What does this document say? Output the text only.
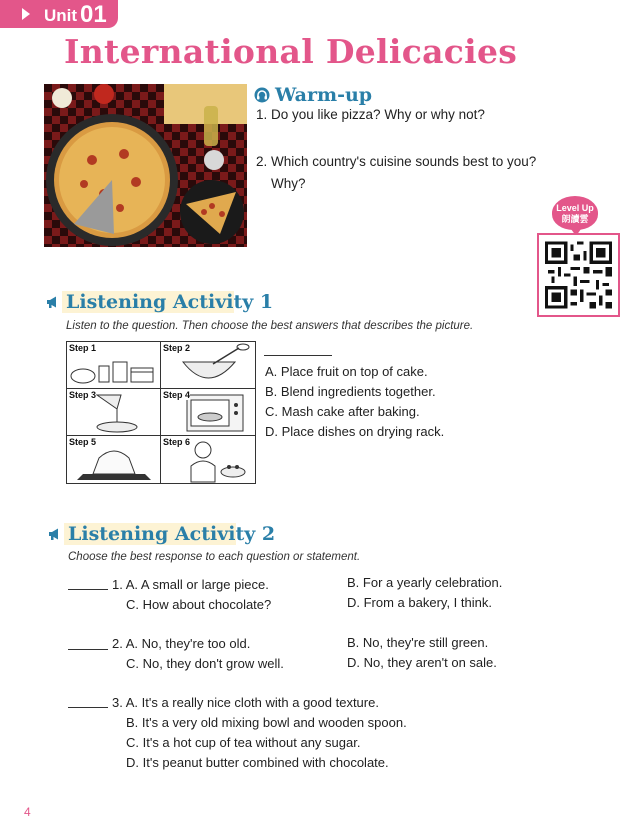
Unit 01
International Delicacies
Warm-up
1. Do you like pizza? Why or why not?
2. Which country's cuisine sounds best to you?
Why?
Level Up
朗讀雲
Listening Activity 1
Listen to the question. Then choose the best answers that describes the picture.
Step 1	Step 2
Step 3	Step 4
Step 5	Step 6
A. Place fruit on top of cake.
B. Blend ingredients together.
C. Mash cake after baking.
D. Place dishes on drying rack.
Listening Activity 2
Choose the best response to each question or statement.
1. A. A small or large piece.	B. For a yearly celebration.
C. How about chocolate?	D. From a bakery, I think.
2. A. No, they're too old.	B. No, they're still green.
C. No, they don't grow well.	D. No, they aren't on sale.
3. A. It's a really nice cloth with a good texture.
B. It's a very old mixing bowl and wooden spoon.
C. It's a hot cup of tea without any sugar.
D. It's peanut butter combined with chocolate.
4
